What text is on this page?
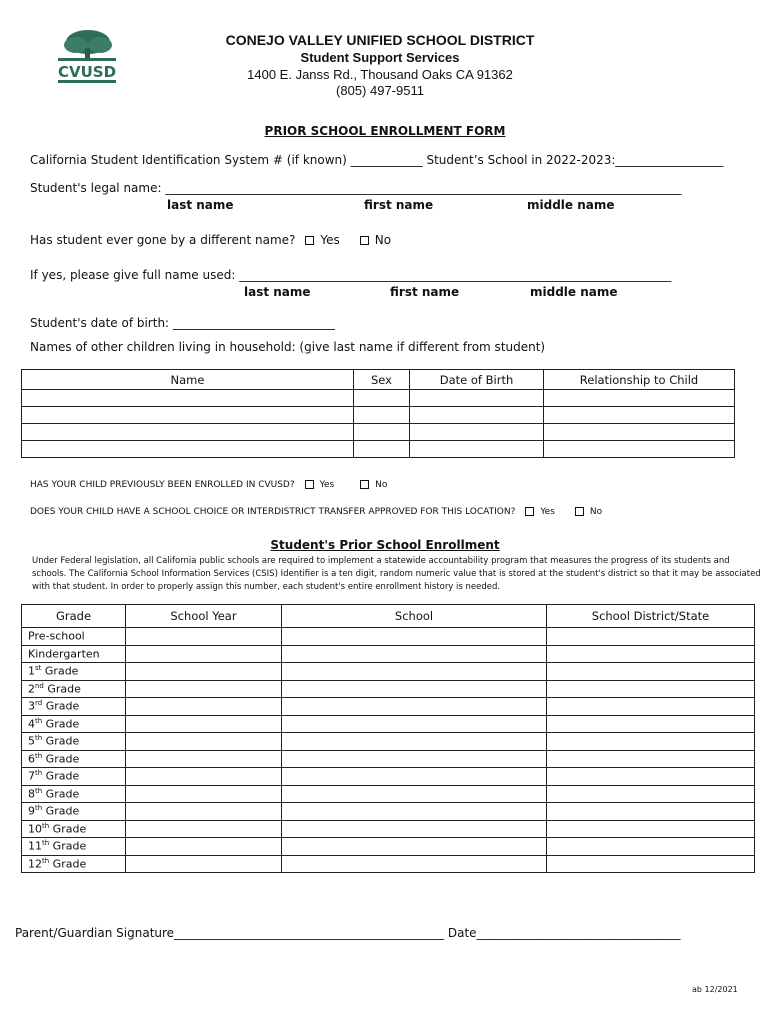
CVUSD
CONEJO VALLEY UNIFIED SCHOOL DISTRICT
Student Support Services
1400 E. Janss Rd., Thousand Oaks CA 91362
(805) 497-9511
PRIOR SCHOOL ENROLLMENT FORM
California Student Identification System # (if known) ____________ Student’s School in 2022-2023:__________________
Student's legal name: ______________________________________________________________________________________
last name	first name	middle name
Has student ever gone by a different name? Yes	No
If yes, please give full name used: ________________________________________________________________________
last name	first name	middle name
Student's date of birth: ___________________________
Names of other children living in household: (give last name if different from student)
Name	Sex	Date of Birth	Relationship to Child

HAS YOUR CHILD PREVIOUSLY BEEN ENROLLED IN CVUSD?	Yes	No
DOES YOUR CHILD HAVE A SCHOOL CHOICE OR INTERDISTRICT TRANSFER APPROVED FOR THIS LOCATION?	Yes	No
Student's Prior School Enrollment
Under Federal legislation, all California public schools are required to implement a statewide accountability program that measures the progress of its students and schools. The California School Information Services (CSIS) Identifier is a ten digit, random numeric value that is stored at the student's district so that it may be associated with that student. In order to properly assign this number, each student's entire enrollment history is needed.
Grade	School Year	School	School District/State
Pre-school			
Kindergarten			
1st Grade			
2nd Grade			
3rd Grade			
4th Grade			
5th Grade			
6th Grade			
7th Grade			
8th Grade			
9th Grade			
10th Grade			
11th Grade			
12th Grade			
Parent/Guardian Signature_____________________________________________ Date__________________________________
ab 12/2021
